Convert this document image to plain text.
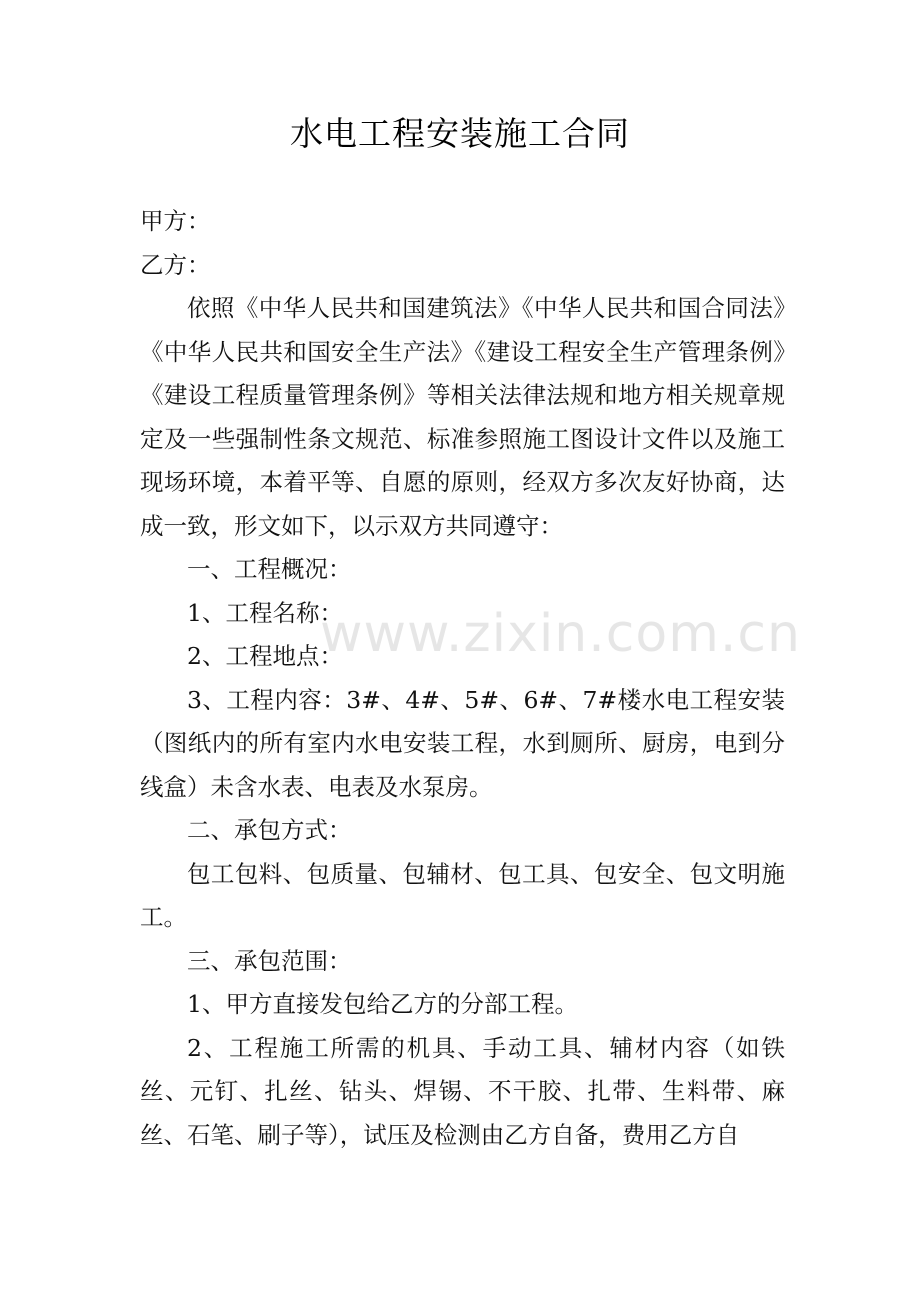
水电工程安装施工合同

甲方：

乙方：

依照《中华人民共和国建筑法》《中华人民共和国合同法》《中华人民共和国安全生产法》《建设工程安全生产管理条例》《建设工程质量管理条例》等相关法律法规和地方相关规章规定及一些强制性条文规范、标准参照施工图设计文件以及施工现场环境，本着平等、自愿的原则，经双方多次友好协商，达成一致，形文如下，以示双方共同遵守：

一、工程概况：

1、工程名称：

2、工程地点：

3、工程内容：3#、4#、5#、6#、7#楼水电工程安装（图纸内的所有室内水电安装工程，水到厕所、厨房，电到分线盒）未含水表、电表及水泵房。

二、承包方式：

包工包料、包质量、包辅材、包工具、包安全、包文明施工。

三、承包范围：

1、甲方直接发包给乙方的分部工程。

2、工程施工所需的机具、手动工具、辅材内容（如铁丝、元钉、扎丝、钻头、焊锡、不干胶、扎带、生料带、麻丝、石笔、刷子等），试压及检测由乙方自备，费用乙方自

www.zixin.com.cn
